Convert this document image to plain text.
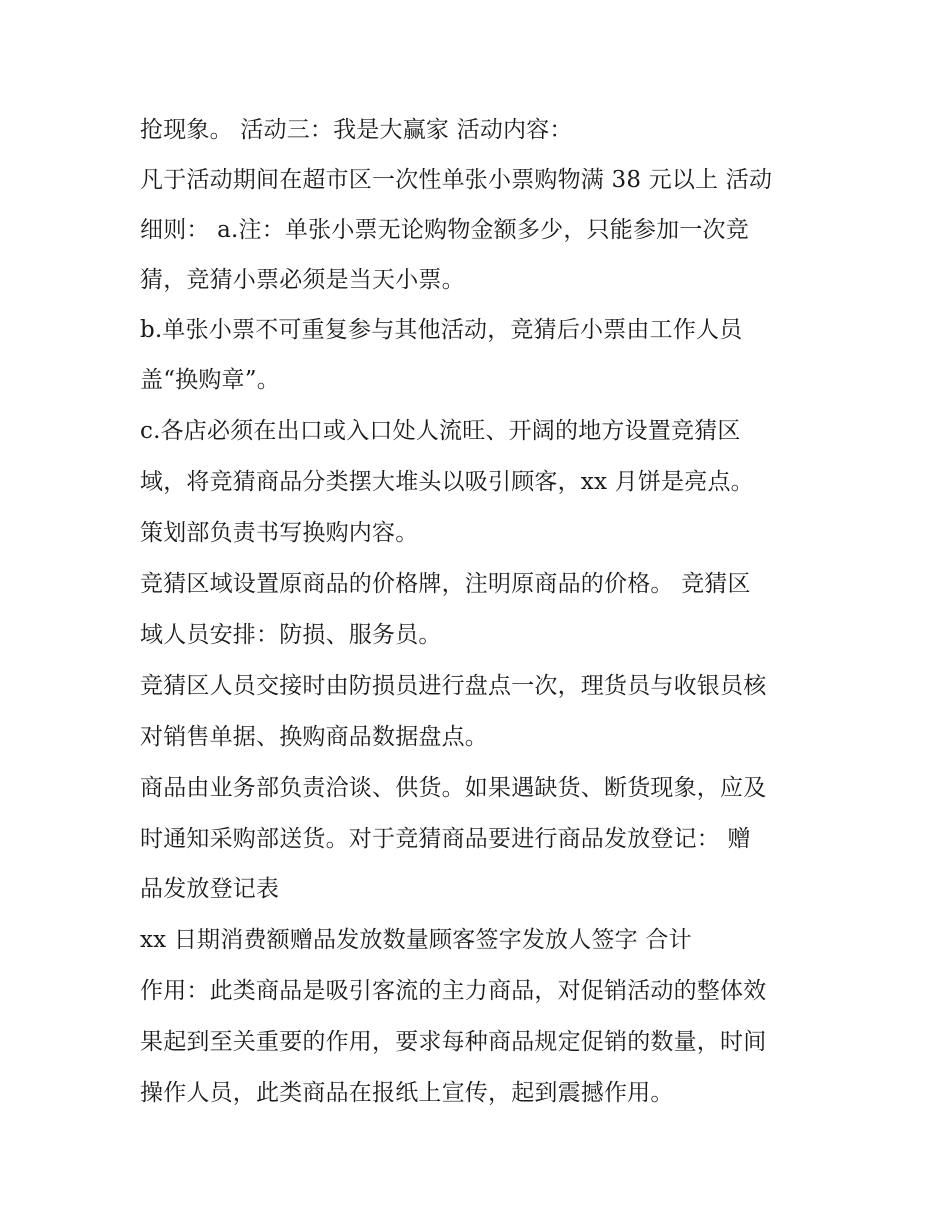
抢现象。 活动三：我是大赢家 活动内容：

凡于活动期间在超市区一次性单张小票购物满 38 元以上 活动

细则： a.注：单张小票无论购物金额多少，只能参加一次竞

猜，竞猜小票必须是当天小票。

b.单张小票不可重复参与其他活动，竞猜后小票由工作人员

盖“换购章”。

c.各店必须在出口或入口处人流旺、开阔的地方设置竞猜区

域，将竞猜商品分类摆大堆头以吸引顾客，xx 月饼是亮点。

策划部负责书写换购内容。

竞猜区域设置原商品的价格牌，注明原商品的价格。 竞猜区

域人员安排：防损、服务员。

竞猜区人员交接时由防损员进行盘点一次，理货员与收银员核

对销售单据、换购商品数据盘点。

商品由业务部负责洽谈、供货。如果遇缺货、断货现象，应及

时通知采购部送货。对于竞猜商品要进行商品发放登记： 赠

品发放登记表

xx 日期消费额赠品发放数量顾客签字发放人签字 合计

作用：此类商品是吸引客流的主力商品，对促销活动的整体效

果起到至关重要的作用，要求每种商品规定促销的数量，时间

操作人员，此类商品在报纸上宣传，起到震撼作用。
